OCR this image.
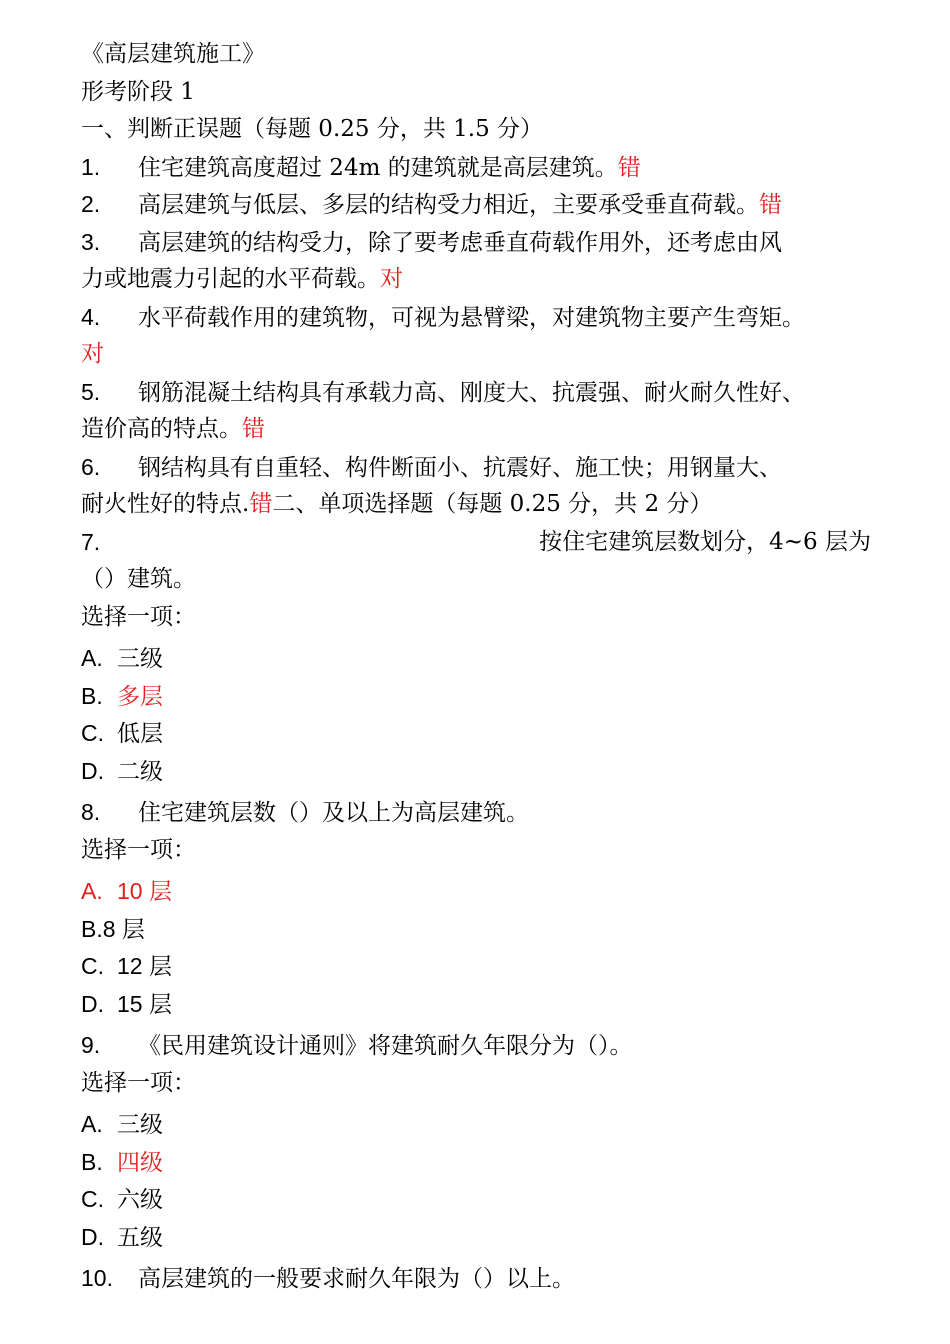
《高层建筑施工》
形考阶段 1
一、判断正误题（每题 0.25 分，共 1.5 分）
1. 住宅建筑高度超过 24m 的建筑就是高层建筑。错
2. 高层建筑与低层、多层的结构受力相近，主要承受垂直荷载。错
3. 高层建筑的结构受力，除了要考虑垂直荷载作用外，还考虑由风
力或地震力引起的水平荷载。对
4. 水平荷载作用的建筑物，可视为悬臂梁，对建筑物主要产生弯矩。
对
5. 钢筋混凝土结构具有承载力高、刚度大、抗震强、耐火耐久性好、
造价高的特点。错
6. 钢结构具有自重轻、构件断面小、抗震好、施工快；用钢量大、
耐火性好的特点.错二、单项选择题（每题 0.25 分，共 2 分）
7.	按住宅建筑层数划分，4~6 层为
（）建筑。
选择一项：
A. 三级
B. 多层
C. 低层
D. 二级
8. 住宅建筑层数（）及以上为高层建筑。
选择一项：
A. 10 层
B.8 层
C. 12 层
D. 15 层
9. 《民用建筑设计通则》将建筑耐久年限分为（）。
选择一项：
A. 三级
B. 四级
C. 六级
D. 五级
10. 高层建筑的一般要求耐久年限为（）以上。
